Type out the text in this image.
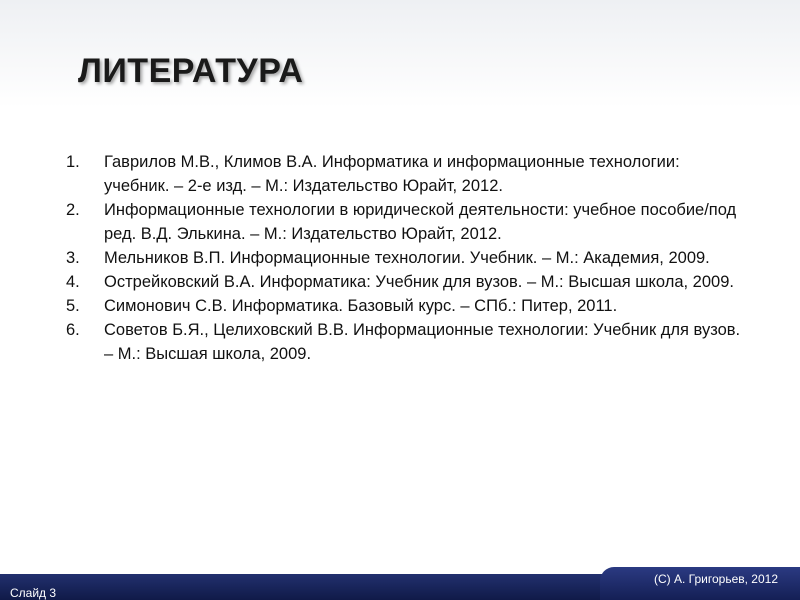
ЛИТЕРАТУРА
1. Гаврилов М.В., Климов В.А. Информатика и информационные технологии: учебник. – 2-е изд. – М.: Издательство Юрайт, 2012.
2. Информационные технологии в юридической деятельности: учебное пособие/под ред. В.Д. Элькина. – М.: Издательство Юрайт, 2012.
3. Мельников В.П. Информационные технологии. Учебник. – М.: Академия, 2009.
4. Острейковский В.А. Информатика: Учебник для вузов. – М.: Высшая школа, 2009.
5. Симонович С.В. Информатика. Базовый курс. – СПб.: Питер, 2011.
6. Советов Б.Я., Целиховский В.В. Информационные технологии: Учебник для вузов. – М.: Высшая школа, 2009.
Слайд 3
(C) А. Григорьев, 2012
